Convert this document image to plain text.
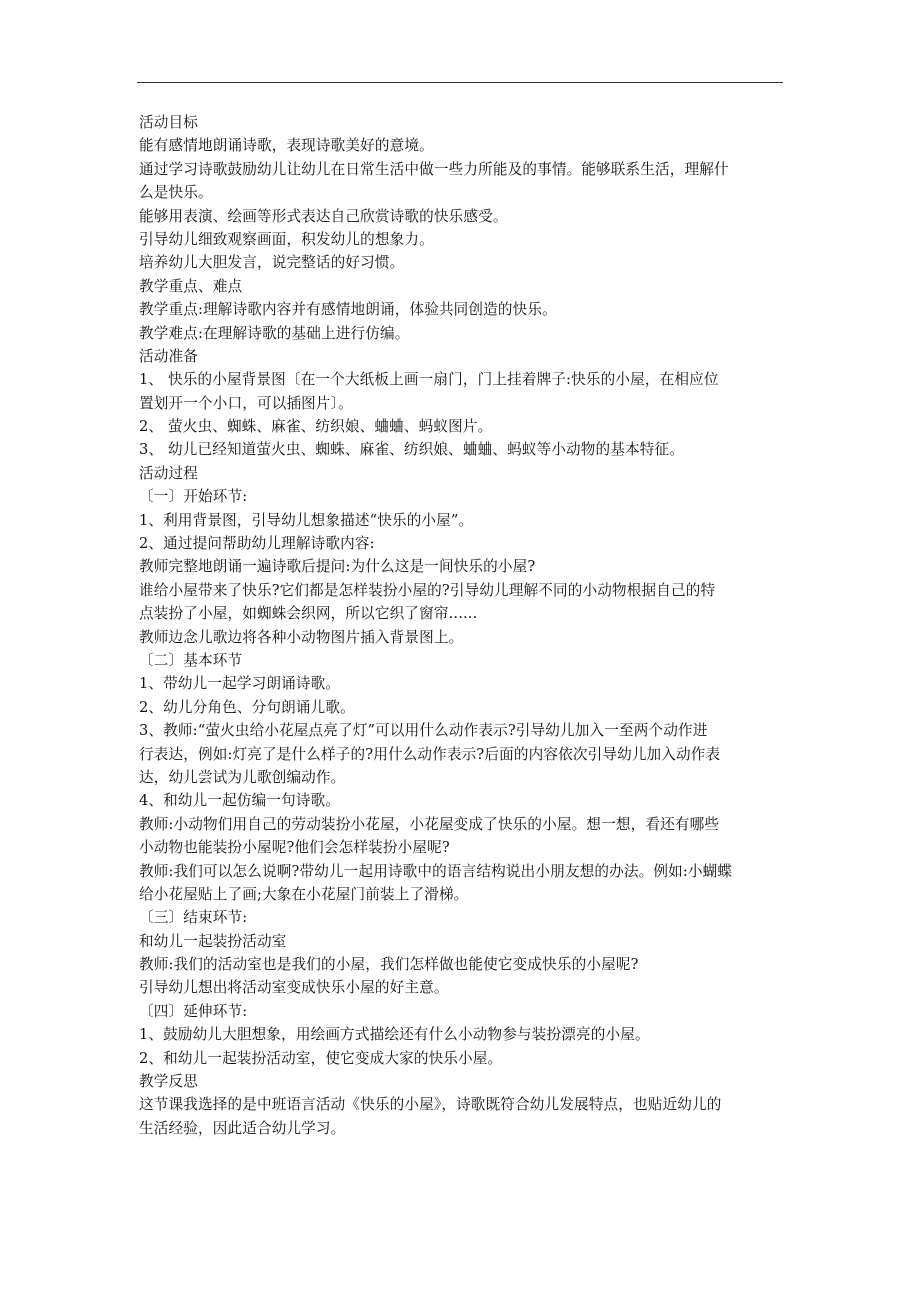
活动目标
能有感情地朗诵诗歌，表现诗歌美好的意境。
通过学习诗歌鼓励幼儿让幼儿在日常生活中做一些力所能及的事情。能够联系生活，理解什
么是快乐。
能够用表演、绘画等形式表达自己欣赏诗歌的快乐感受。
引导幼儿细致观察画面，积发幼儿的想象力。
培养幼儿大胆发言，说完整话的好习惯。
教学重点、难点
教学重点:理解诗歌内容并有感情地朗诵，体验共同创造的快乐。
教学难点:在理解诗歌的基础上进行仿编。
活动准备
1、 快乐的小屋背景图〔在一个大纸板上画一扇门，门上挂着牌子:快乐的小屋，在相应位
置划开一个小口，可以插图片〕。
2、 萤火虫、蜘蛛、麻雀、纺织娘、蛐蛐、蚂蚁图片。
3、 幼儿已经知道萤火虫、蜘蛛、麻雀、纺织娘、蛐蛐、蚂蚁等小动物的基本特征。
活动过程
〔一〕开始环节:
1、利用背景图，引导幼儿想象描述“快乐的小屋”。
2、通过提问帮助幼儿理解诗歌内容:
教师完整地朗诵一遍诗歌后提问:为什么这是一间快乐的小屋?
谁给小屋带来了快乐?它们都是怎样装扮小屋的?引导幼儿理解不同的小动物根据自己的特
点装扮了小屋，如蜘蛛会织网，所以它织了窗帘......
教师边念儿歌边将各种小动物图片插入背景图上。
〔二〕基本环节
1、带幼儿一起学习朗诵诗歌。
2、幼儿分角色、分句朗诵儿歌。
3、教师:“萤火虫给小花屋点亮了灯”可以用什么动作表示?引导幼儿加入一至两个动作进
行表达，例如:灯亮了是什么样子的?用什么动作表示?后面的内容依次引导幼儿加入动作表
达，幼儿尝试为儿歌创编动作。
4、和幼儿一起仿编一句诗歌。
教师:小动物们用自己的劳动装扮小花屋，小花屋变成了快乐的小屋。想一想，看还有哪些
小动物也能装扮小屋呢?他们会怎样装扮小屋呢?
教师:我们可以怎么说啊?带幼儿一起用诗歌中的语言结构说出小朋友想的办法。例如:小蝴蝶
给小花屋贴上了画;大象在小花屋门前装上了滑梯。
〔三〕结束环节:
和幼儿一起装扮活动室
教师:我们的活动室也是我们的小屋，我们怎样做也能使它变成快乐的小屋呢?
引导幼儿想出将活动室变成快乐小屋的好主意。
〔四〕延伸环节:
1、鼓励幼儿大胆想象，用绘画方式描绘还有什么小动物参与装扮漂亮的小屋。
2、和幼儿一起装扮活动室，使它变成大家的快乐小屋。
教学反思
这节课我选择的是中班语言活动《快乐的小屋》，诗歌既符合幼儿发展特点，也贴近幼儿的
生活经验，因此适合幼儿学习。
